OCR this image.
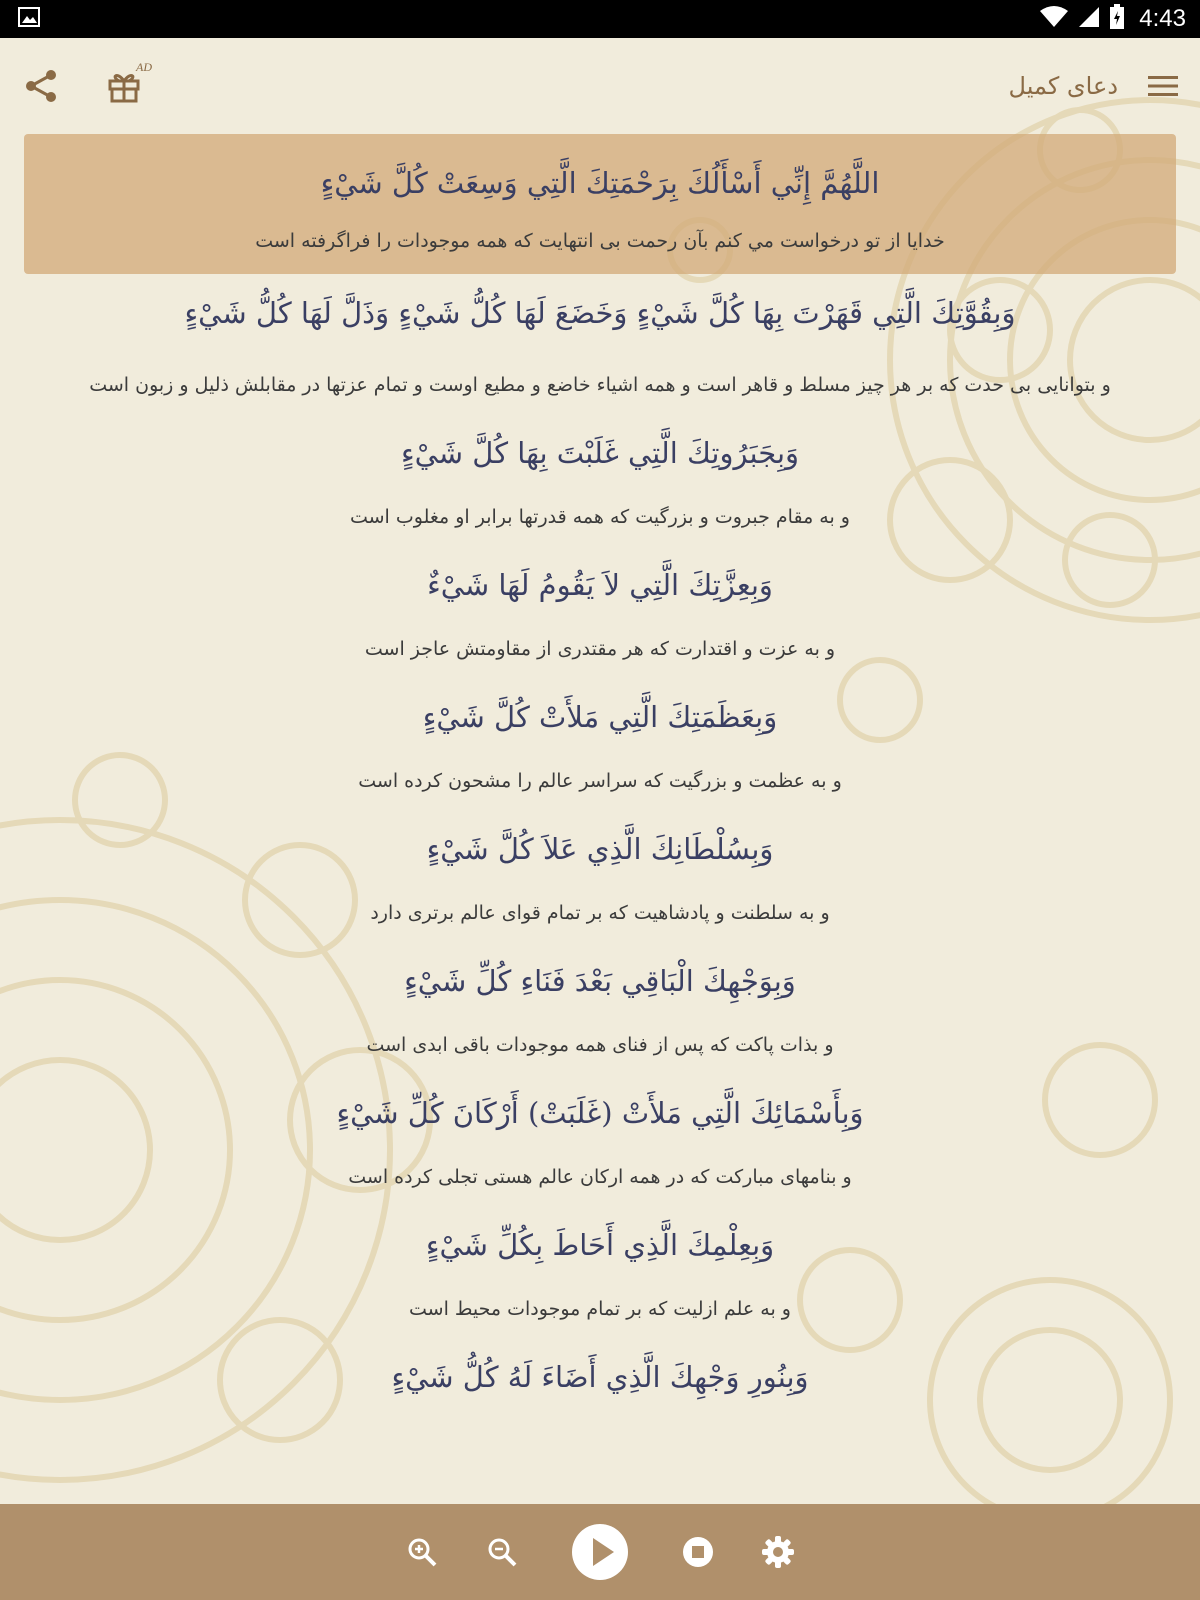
4:43
AD
دعای کمیل
اللَّهُمَّ إِنِّي أَسْأَلُكَ بِرَحْمَتِكَ الَّتِي وَسِعَتْ كُلَّ شَيْءٍ
خدایا از تو درخواست مي كنم بآن رحمت بی انتهایت که همه موجودات را فراگرفته است
وَبِقُوَّتِكَ الَّتِي قَهَرْتَ بِهَا كُلَّ شَيْءٍ وَخَضَعَ لَهَا كُلُّ شَيْءٍ وَذَلَّ لَهَا كُلُّ شَيْءٍ
و بتوانایی بی حدت که بر هر چیز مسلط و قاهر است و همه اشیاء خاضع و مطیع اوست و تمام عزتها در مقابلش ذلیل و زبون است
وَبِجَبَرُوتِكَ الَّتِي غَلَبْتَ بِهَا كُلَّ شَيْءٍ
و به مقام جبروت و بزرگیت که همه قدرتها برابر او مغلوب است
وَبِعِزَّتِكَ الَّتِي لاَ يَقُومُ لَهَا شَيْءٌ
و به عزت و اقتدارت که هر مقتدری از مقاومتش عاجز است
وَبِعَظَمَتِكَ الَّتِي مَلأَتْ كُلَّ شَيْءٍ
و به عظمت و بزرگیت که سراسر عالم را مشحون کرده است
وَبِسُلْطَانِكَ الَّذِي عَلاَ كُلَّ شَيْءٍ
و به سلطنت و پادشاهیت که بر تمام قوای عالم برتری دارد
وَبِوَجْهِكَ الْبَاقِي بَعْدَ فَنَاءِ كُلِّ شَيْءٍ
و بذات پاکت که پس از فنای همه موجودات باقی ابدی است
وَبِأَسْمَائِكَ الَّتِي مَلأَتْ (غَلَبَتْ) أَرْكَانَ كُلِّ شَيْءٍ
و بنامهای مبارکت که در همه ارکان عالم هستی تجلی کرده است
وَبِعِلْمِكَ الَّذِي أَحَاطَ بِكُلِّ شَيْءٍ
و به علم ازلیت که بر تمام موجودات محیط است
وَبِنُورِ وَجْهِكَ الَّذِي أَضَاءَ لَهُ كُلُّ شَيْءٍ
